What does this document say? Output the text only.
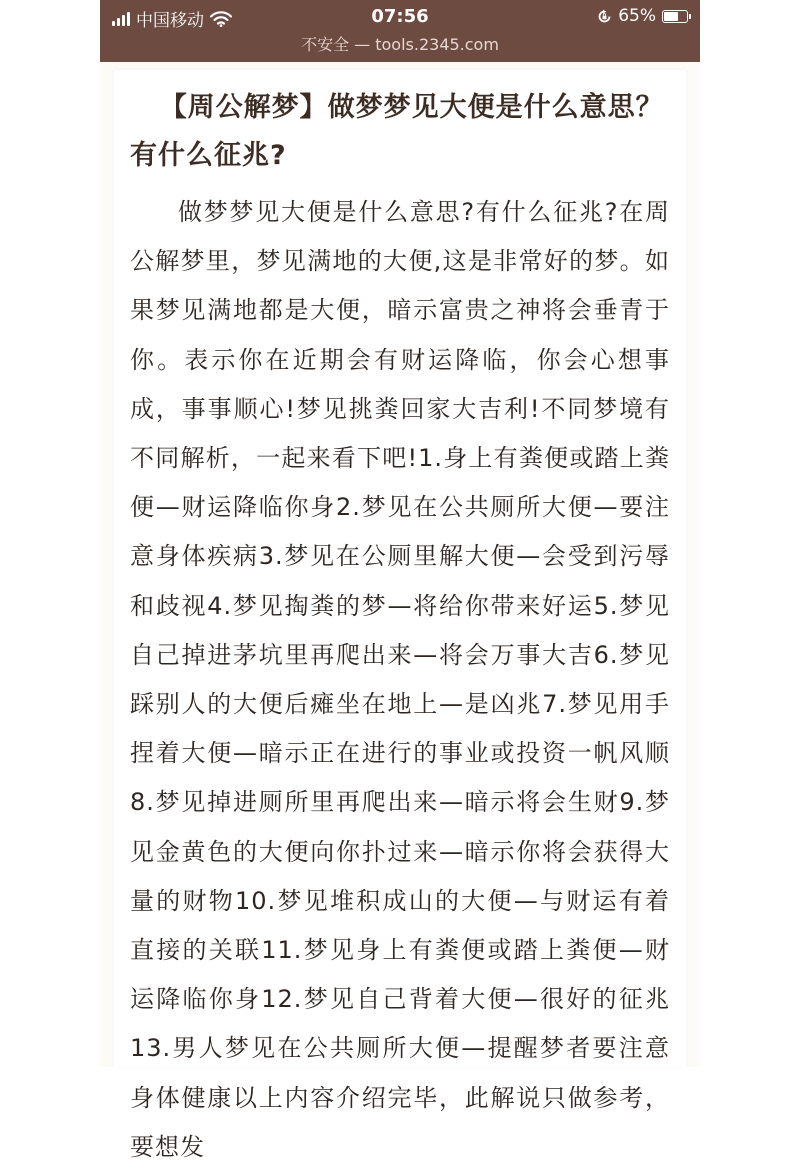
中国移动	07:56	65%
不安全 — tools.2345.com
【周公解梦】做梦梦见大便是什么意思？有什么征兆?

做梦梦见大便是什么意思?有什么征兆?在周公解梦里，梦见满地的大便,这是非常好的梦。如果梦见满地都是大便，暗示富贵之神将会垂青于你。表示你在近期会有财运降临，你会心想事成，事事顺心!梦见挑粪回家大吉利!不同梦境有不同解析，一起来看下吧!1.身上有粪便或踏上粪便—财运降临你身2.梦见在公共厕所大便—要注意身体疾病3.梦见在公厕里解大便—会受到污辱和歧视4.梦见掏粪的梦—将给你带来好运5.梦见自己掉进茅坑里再爬出来—将会万事大吉6.梦见踩别人的大便后瘫坐在地上—是凶兆7.梦见用手捏着大便—暗示正在进行的事业或投资一帆风顺8.梦见掉进厕所里再爬出来—暗示将会生财9.梦见金黄色的大便向你扑过来—暗示你将会获得大量的财物10.梦见堆积成山的大便—与财运有着直接的关联11.梦见身上有粪便或踏上粪便—财运降临你身12.梦见自己背着大便—很好的征兆13.男人梦见在公共厕所大便—提醒梦者要注意身体健康以上内容介绍完毕，此解说只做参考，要想发
